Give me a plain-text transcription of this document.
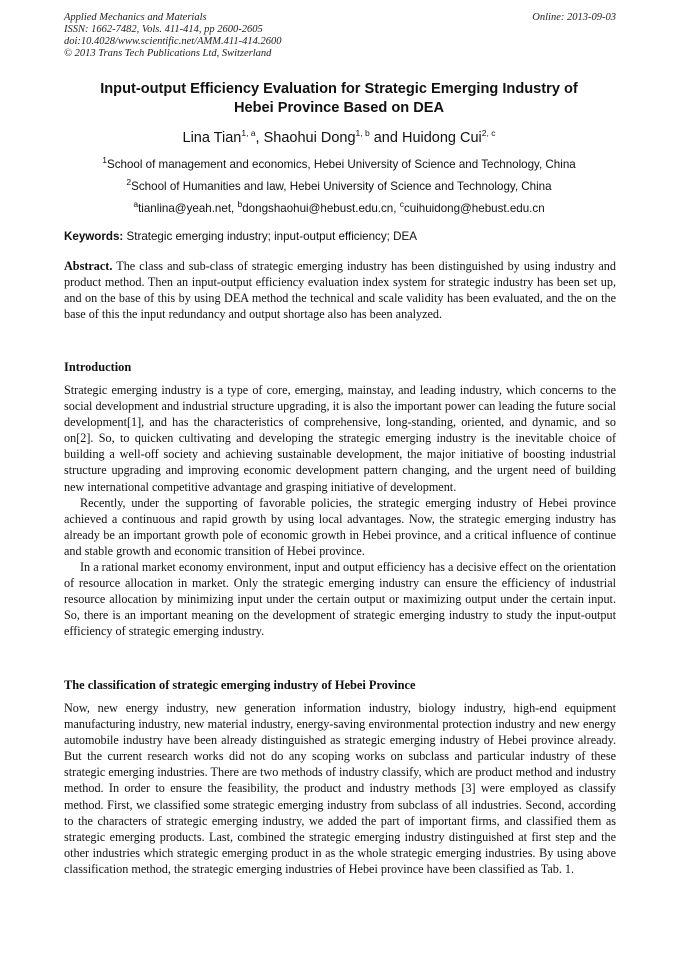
Applied Mechanics and Materials
ISSN: 1662-7482, Vols. 411-414, pp 2600-2605
doi:10.4028/www.scientific.net/AMM.411-414.2600
© 2013 Trans Tech Publications Ltd, Switzerland
Online: 2013-09-03
Input-output Efficiency Evaluation for Strategic Emerging Industry of
Hebei Province Based on DEA
Lina Tian$^{1, a}$, Shaohui Dong$^{1, b}$ and Huidong Cui$^{2, c}$
$^1$School of management and economics, Hebei University of Science and Technology, China
$^2$School of Humanities and law, Hebei University of Science and Technology, China
$^a$tianlina@yeah.net, $^b$dongshaohui@hebust.edu.cn, $^c$cuihuidong@hebust.edu.cn
Keywords: Strategic emerging industry; input-output efficiency; DEA
Abstract. The class and sub-class of strategic emerging industry has been distinguished by using industry and product method. Then an input-output efficiency evaluation index system for strategic industry has been set up, and on the base of this by using DEA method the technical and scale validity has been evaluated, and the on the base of this the input redundancy and output shortage also has been analyzed.
Introduction

Strategic emerging industry is a type of core, emerging, mainstay, and leading industry, which concerns to the social development and industrial structure upgrading, it is also the important power can leading the future social development[1], and has the characteristics of comprehensive, long-standing, oriented, and dynamic, and so on[2]. So, to quicken cultivating and developing the strategic emerging industry is the inevitable choice of building a well-off society and achieving sustainable development, the major initiative of boosting industrial structure upgrading and improving economic development pattern changing, and the urgent need of building new international competitive advantage and grasping initiative of development.

Recently, under the supporting of favorable policies, the strategic emerging industry of Hebei province achieved a continuous and rapid growth by using local advantages. Now, the strategic emerging industry has already be an important growth pole of economic growth in Hebei province, and a critical influence of continue and stable growth and economic transition of Hebei province.

In a rational market economy environment, input and output efficiency has a decisive effect on the orientation of resource allocation in market. Only the strategic emerging industry can ensure the efficiency of industrial resource allocation by minimizing input under the certain output or maximizing output under the certain input. So, there is an important meaning on the development of strategic emerging industry to study the input-output efficiency of strategic emerging industry.

The classification of strategic emerging industry of Hebei Province

Now, new energy industry, new generation information industry, biology industry, high-end equipment manufacturing industry, new material industry, energy-saving environmental protection industry and new energy automobile industry have been already distinguished as strategic emerging industry of Hebei province already. But the current research works did not do any scoping works on subclass and particular industry of these strategic emerging industries. There are two methods of industry classify, which are product method and industry method. In order to ensure the feasibility, the product and industry methods [3] were employed as classify method. First, we classified some strategic emerging industry from subclass of all industries. Second, according to the characters of strategic emerging industry, we added the part of important firms, and classified them as strategic emerging products. Last, combined the strategic emerging industry distinguished at first step and the other industries which strategic emerging product in as the whole strategic emerging industries. By using above classification method, the strategic emerging industries of Hebei province have been classified as Tab. 1.
